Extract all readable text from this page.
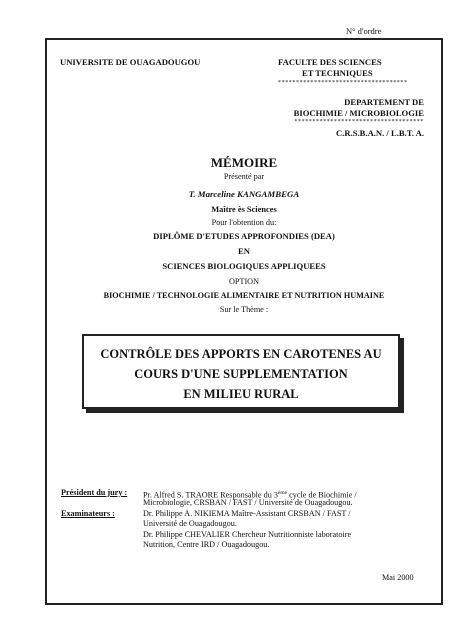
N° d'ordre
UNIVERSITE DE OUAGADOUGOU	FACULTE DES SCIENCES
ET TECHNIQUES
************************************
DEPARTEMENT DE
BIOCHIMIE / MICROBIOLOGIE
************************************
C.R.S.B.A.N. / L.B.T. A.
MÉMOIRE
Présenté par
T. Marceline KANGAMBEGA
Maître ès Sciences
Pour l'obtention du:
DIPLÔME D'ETUDES APPROFONDIES (DEA)
EN
SCIENCES BIOLOGIQUES APPLIQUEES
OPTION
BIOCHIMIE / TECHNOLOGIE ALIMENTAIRE ET NUTRITION HUMAINE
Sur le Thème :
CONTRÔLE DES APPORTS EN CAROTENES AU
COURS D'UNE SUPPLEMENTATION
EN MILIEU RURAL
Président du jury : Pr. Alfred S. TRAORE Responsable du 3ème cycle de Biochimie /
Microbiologie, CRSBAN / FAST / Université de Ouagadougou.
Examinateurs :	Dr. Philippe A. NIKIEMA Maître-Assistant CRSBAN / FAST /
Université de Ouagadougou.
Dr. Philippe CHEVALIER Chercheur Nutritionniste laboratoire
Nutrition, Centre IRD / Ouagadougou.
Mai 2000
